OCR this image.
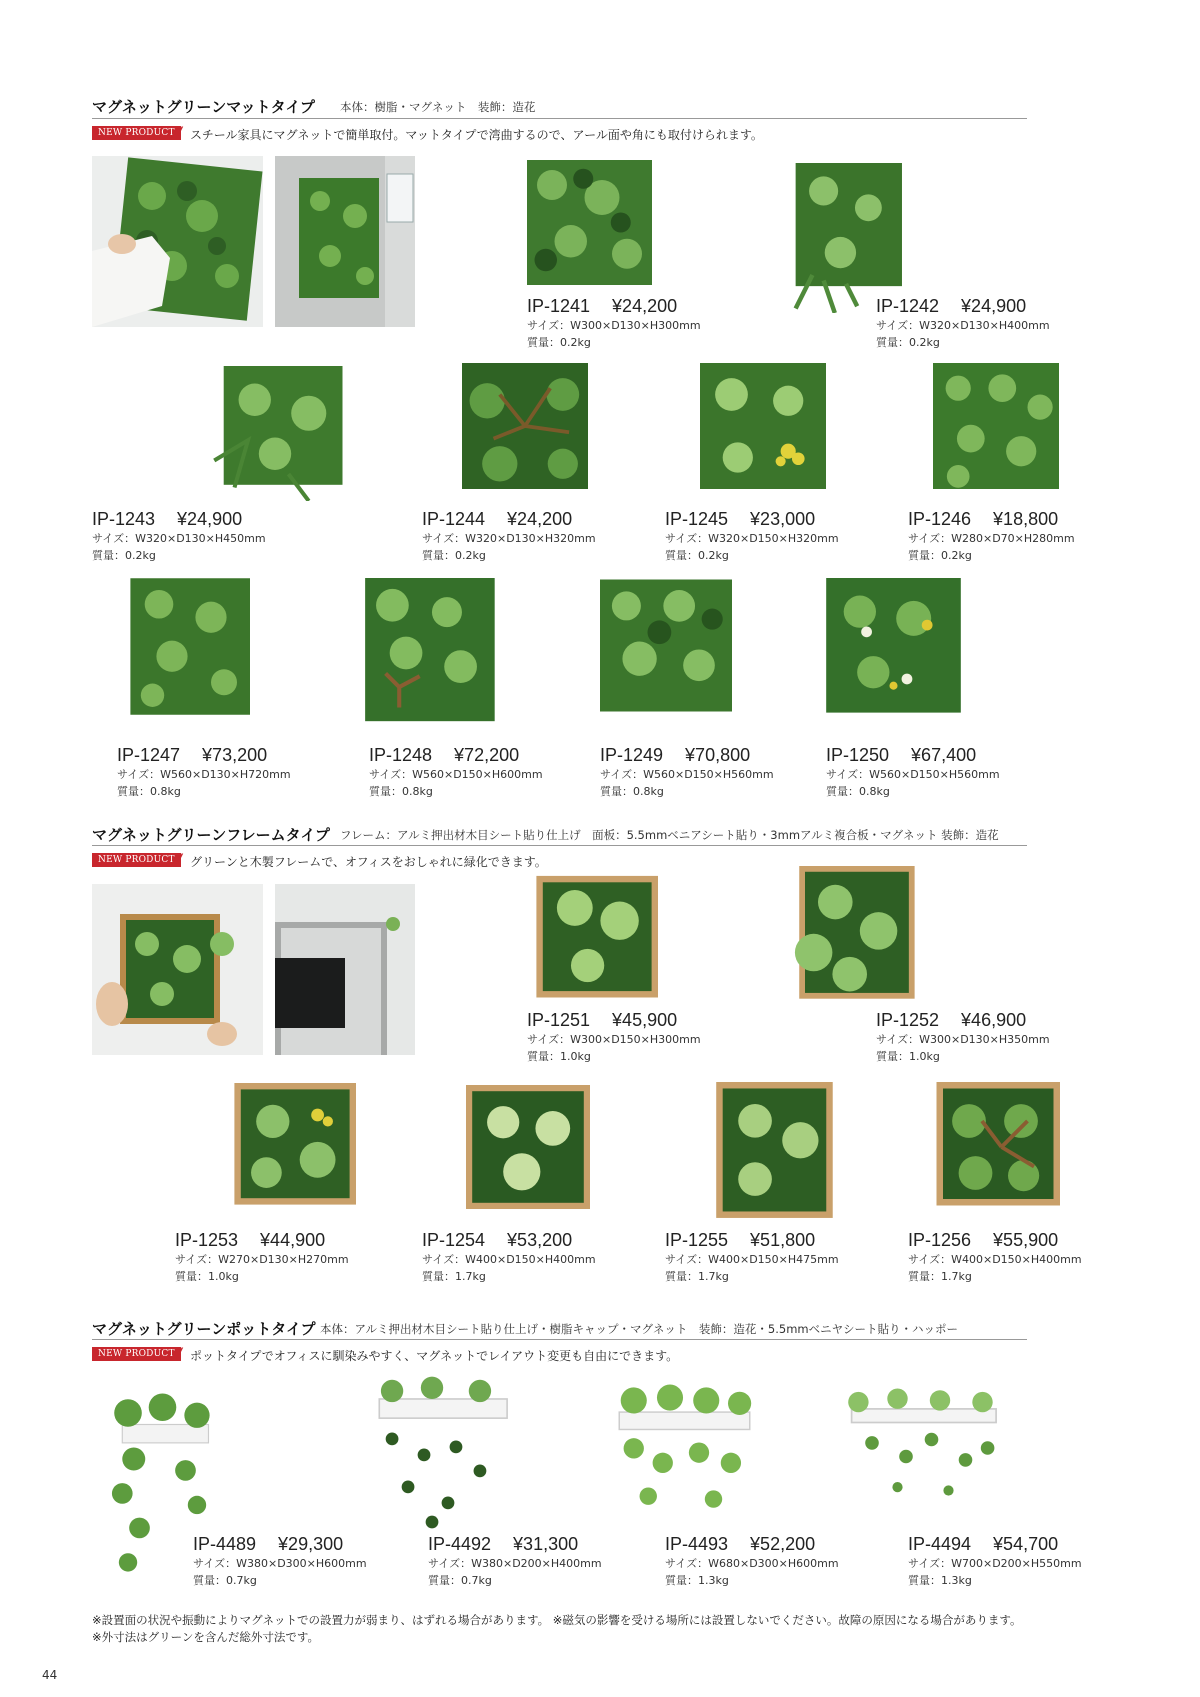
マグネットグリーンマットタイプ 本体：樹脂・マグネット　装飾：造花
NEW PRODUCT
// スチール家具にマグネットで簡単取付。マットタイプで湾曲するので、アール面や角にも取付けられます。
IP-1241 ¥24,200
サイズ：W300×D130×H300mm
質量：0.2kg
IP-1242 ¥24,900
サイズ：W320×D130×H400mm
質量：0.2kg
IP-1243 ¥24,900
サイズ：W320×D130×H450mm
質量：0.2kg
IP-1244 ¥24,200
サイズ：W320×D130×H320mm
質量：0.2kg
IP-1245 ¥23,000
サイズ：W320×D150×H320mm
質量：0.2kg
IP-1246 ¥18,800
サイズ：W280×D70×H280mm
質量：0.2kg
IP-1247 ¥73,200
サイズ：W560×D130×H720mm
質量：0.8kg
IP-1248 ¥72,200
サイズ：W560×D150×H600mm
質量：0.8kg
IP-1249 ¥70,800
サイズ：W560×D150×H560mm
質量：0.8kg
IP-1250 ¥67,400
サイズ：W560×D150×H560mm
質量：0.8kg
マグネットグリーンフレームタイプ フレーム：アルミ押出材木目シート貼り仕上げ　面板：5.5mmベニアシート貼り・3mmアルミ複合板・マグネット 装飾：造花
NEW PRODUCT
// グリーンと木製フレームで、オフィスをおしゃれに緑化できます。
IP-1251 ¥45,900
サイズ：W300×D150×H300mm
質量：1.0kg
IP-1252 ¥46,900
サイズ：W300×D130×H350mm
質量：1.0kg
IP-1253 ¥44,900
サイズ：W270×D130×H270mm
質量：1.0kg
IP-1254 ¥53,200
サイズ：W400×D150×H400mm
質量：1.7kg
IP-1255 ¥51,800
サイズ：W400×D150×H475mm
質量：1.7kg
IP-1256 ¥55,900
サイズ：W400×D150×H400mm
質量：1.7kg
マグネットグリーンポットタイプ 本体：アルミ押出材木目シート貼り仕上げ・樹脂キャップ・マグネット　装飾：造花・5.5mmベニヤシート貼り・ハッポー
NEW PRODUCT
// ポットタイプでオフィスに馴染みやすく、マグネットでレイアウト変更も自由にできます。
IP-4489 ¥29,300
サイズ：W380×D300×H600mm
質量：0.7kg
IP-4492 ¥31,300
サイズ：W380×D200×H400mm
質量：0.7kg
IP-4493 ¥52,200
サイズ：W680×D300×H600mm
質量：1.3kg
IP-4494 ¥54,700
サイズ：W700×D200×H550mm
質量：1.3kg
※設置面の状況や振動によりマグネットでの設置力が弱まり、はずれる場合があります。 ※磁気の影響を受ける場所には設置しないでください。故障の原因になる場合があります。
※外寸法はグリーンを含んだ総外寸法です。
44
